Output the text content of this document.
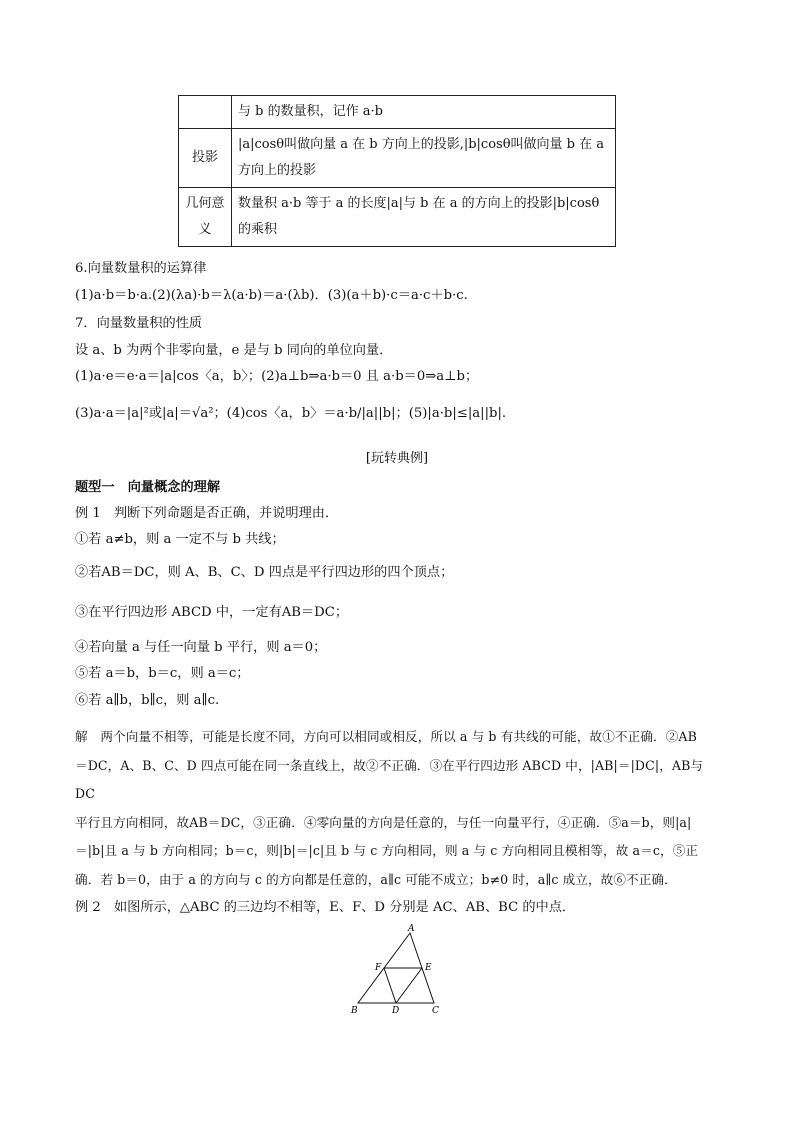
	与 b 的数量积，记作 a·b
投影	|a|cosθ叫做向量 a 在 b 方向上的投影,|b|cosθ叫做向量 b 在 a 方向上的投影
几何意义	数量积 a·b 等于 a 的长度|a|与 b 在 a 的方向上的投影|b|cosθ 的乘积
6.向量数量积的运算律
(1)a·b＝b·a.(2)(λa)·b＝λ(a·b)＝a·(λb)．(3)(a＋b)·c＝a·c＋b·c.
7．向量数量积的性质
设 a、b 为两个非零向量，e 是与 b 同向的单位向量．
(1)a·e＝e·a＝|a|cos〈a，b〉；(2)a⊥b⇒a·b＝0 且 a·b＝0⇒a⊥b；
(3)a·a＝|a|²或|a|＝√a²；(4)cos〈a，b〉＝a·b/|a||b|；(5)|a·b|≤|a||b|.
[玩转典例]
题型一　向量概念的理解
例 1　判断下列命题是否正确，并说明理由．
①若 a≠b，则 a 一定不与 b 共线；
②若AB＝DC，则 A、B、C、D 四点是平行四边形的四个顶点；
③在平行四边形 ABCD 中，一定有AB＝DC；
④若向量 a 与任一向量 b 平行，则 a＝0；
⑤若 a＝b，b＝c，则 a＝c；
⑥若 a∥b，b∥c，则 a∥c.
解　两个向量不相等，可能是长度不同，方向可以相同或相反，所以 a 与 b 有共线的可能，故①不正确．②AB
＝DC，A、B、C、D 四点可能在同一条直线上，故②不正确．③在平行四边形 ABCD 中，|AB|＝|DC|，AB与DC
平行且方向相同，故AB＝DC，③正确．④零向量的方向是任意的，与任一向量平行，④正确．⑤a＝b，则|a|
＝|b|且 a 与 b 方向相同；b＝c，则|b|＝|c|且 b 与 c 方向相同，则 a 与 c 方向相同且模相等，故 a＝c，⑤正
确．若 b＝0，由于 a 的方向与 c 的方向都是任意的，a∥c 可能不成立；b≠0 时，a∥c 成立，故⑥不正确．
例 2　如图所示，△ABC 的三边均不相等，E、F、D 分别是 AC、AB、BC 的中点．
A
B	C
D
E
F
